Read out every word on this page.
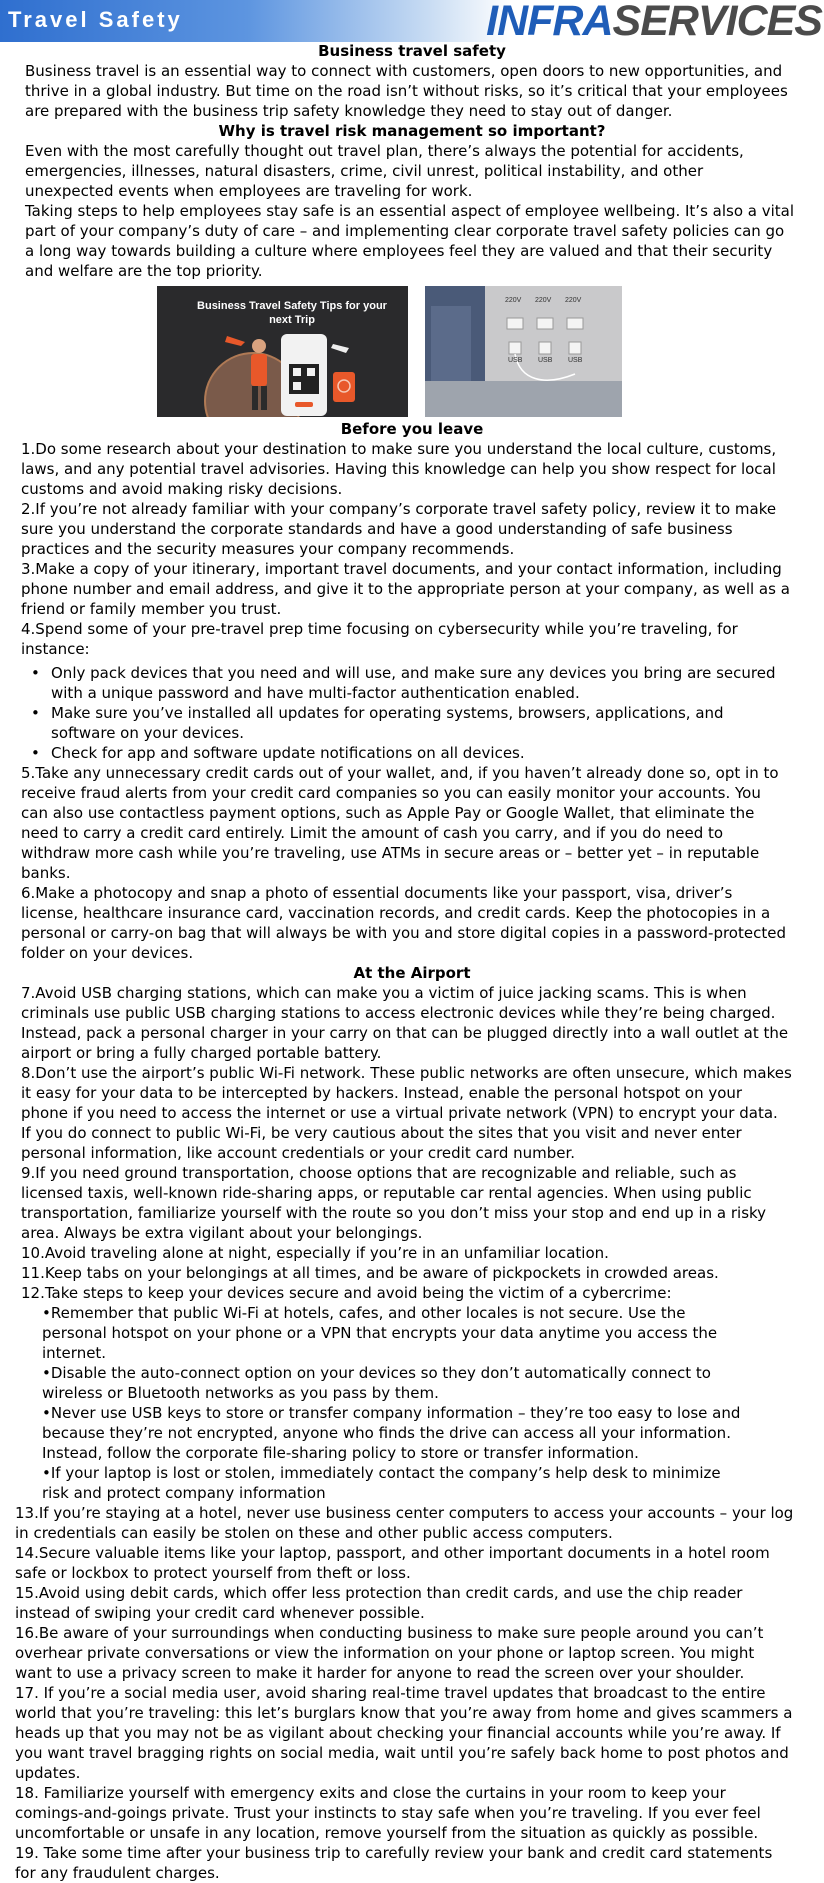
Travel Safety	INFRASERVICES
Business travel safety

Business travel is an essential way to connect with customers, open doors to new opportunities, and thrive in a global industry. But time on the road isn’t without risks, so it’s critical that your employees are prepared with the business trip safety knowledge they need to stay out of danger.

Why is travel risk management so important?

Even with the most carefully thought out travel plan, there’s always the potential for accidents, emergencies, illnesses, natural disasters, crime, civil unrest, political instability, and other unexpected events when employees are traveling for work.

Taking steps to help employees stay safe is an essential aspect of employee wellbeing. It’s also a vital part of your company’s duty of care – and implementing clear corporate travel safety policies can go a long way towards building a culture where employees feel they are valued and that their security and welfare are the top priority.

Business Travel Safety Tips for your next Trip
220V 220V 220V
USB USB USB
Before you leave

1.Do some research about your destination to make sure you understand the local culture, customs, laws, and any potential travel advisories. Having this knowledge can help you show respect for local customs and avoid making risky decisions.

2.If you’re not already familiar with your company’s corporate travel safety policy, review it to make sure you understand the corporate standards and have a good understanding of safe business practices and the security measures your company recommends.

3.Make a copy of your itinerary, important travel documents, and your contact information, including phone number and email address, and give it to the appropriate person at your company, as well as a friend or family member you trust.

4.Spend some of your pre-travel prep time focusing on cybersecurity while you’re traveling, for instance:

• Only pack devices that you need and will use, and make sure any devices you bring are secured with a unique password and have multi-factor authentication enabled.
• Make sure you’ve installed all updates for operating systems, browsers, applications, and software on your devices.
• Check for app and software update notifications on all devices.

5.Take any unnecessary credit cards out of your wallet, and, if you haven’t already done so, opt in to receive fraud alerts from your credit card companies so you can easily monitor your accounts. You can also use contactless payment options, such as Apple Pay or Google Wallet, that eliminate the need to carry a credit card entirely. Limit the amount of cash you carry, and if you do need to withdraw more cash while you’re traveling, use ATMs in secure areas or – better yet – in reputable banks.

6.Make a photocopy and snap a photo of essential documents like your passport, visa, driver’s license, healthcare insurance card, vaccination records, and credit cards. Keep the photocopies in a personal or carry-on bag that will always be with you and store digital copies in a password-protected folder on your devices.

At the Airport

7.Avoid USB charging stations, which can make you a victim of juice jacking scams. This is when criminals use public USB charging stations to access electronic devices while they’re being charged. Instead, pack a personal charger in your carry on that can be plugged directly into a wall outlet at the airport or bring a fully charged portable battery.

8.Don’t use the airport’s public Wi-Fi network. These public networks are often unsecure, which makes it easy for your data to be intercepted by hackers. Instead, enable the personal hotspot on your phone if you need to access the internet or use a virtual private network (VPN) to encrypt your data. If you do connect to public Wi-Fi, be very cautious about the sites that you visit and never enter personal information, like account credentials or your credit card number.

9.If you need ground transportation, choose options that are recognizable and reliable, such as licensed taxis, well-known ride-sharing apps, or reputable car rental agencies. When using public transportation, familiarize yourself with the route so you don’t miss your stop and end up in a risky area. Always be extra vigilant about your belongings.

10.Avoid traveling alone at night, especially if you’re in an unfamiliar location.

11.Keep tabs on your belongings at all times, and be aware of pickpockets in crowded areas.

12.Take steps to keep your devices secure and avoid being the victim of a cybercrime:

•Remember that public Wi-Fi at hotels, cafes, and other locales is not secure. Use the personal hotspot on your phone or a VPN that encrypts your data anytime you access the internet.

•Disable the auto-connect option on your devices so they don’t automatically connect to wireless or Bluetooth networks as you pass by them.

•Never use USB keys to store or transfer company information – they’re too easy to lose and because they’re not encrypted, anyone who finds the drive can access all your information. Instead, follow the corporate file-sharing policy to store or transfer information.

•If your laptop is lost or stolen, immediately contact the company’s help desk to minimize risk and protect company information

13.If you’re staying at a hotel, never use business center computers to access your accounts – your log in credentials can easily be stolen on these and other public access computers.

14.Secure valuable items like your laptop, passport, and other important documents in a hotel room safe or lockbox to protect yourself from theft or loss.

15.Avoid using debit cards, which offer less protection than credit cards, and use the chip reader instead of swiping your credit card whenever possible.

16.Be aware of your surroundings when conducting business to make sure people around you can’t overhear private conversations or view the information on your phone or laptop screen. You might want to use a privacy screen to make it harder for anyone to read the screen over your shoulder.

17. If you’re a social media user, avoid sharing real-time travel updates that broadcast to the entire world that you’re traveling: this let’s burglars know that you’re away from home and gives scammers a heads up that you may not be as vigilant about checking your financial accounts while you’re away. If you want travel bragging rights on social media, wait until you’re safely back home to post photos and updates.

18. Familiarize yourself with emergency exits and close the curtains in your room to keep your comings-and-goings private. Trust your instincts to stay safe when you’re traveling. If you ever feel uncomfortable or unsafe in any location, remove yourself from the situation as quickly as possible.

19. Take some time after your business trip to carefully review your bank and credit card statements for any fraudulent charges.
